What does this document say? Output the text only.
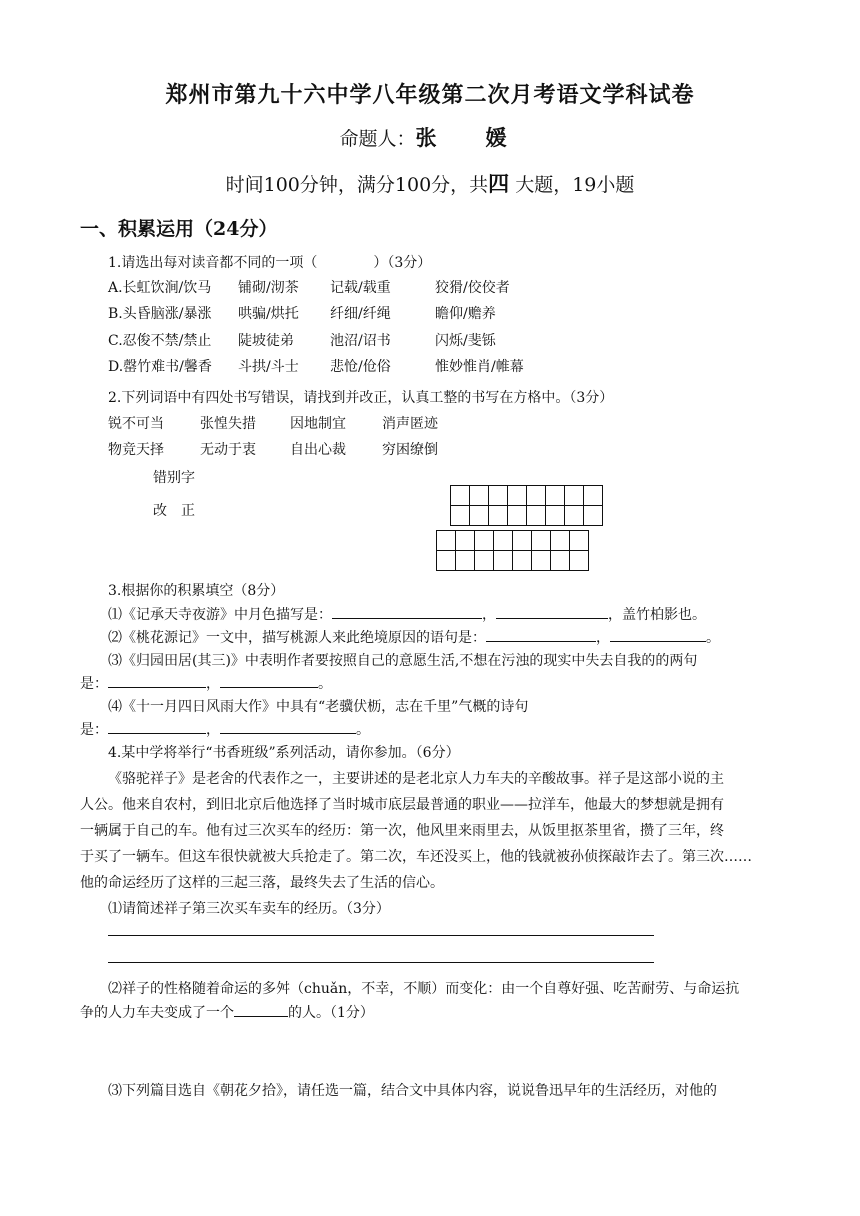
郑州市第九十六中学八年级第二次月考语文学科试卷
命题人：张　媛
时间100分钟，满分100分，共四 大题，19小题
一、积累运用（24分）
1.请选出每对读音都不同的一项（　　　　）（3分）
A.长虹饮涧/饮马 铺砌/沏茶 记载/载重	狡猾/佼佼者
B.头昏脑涨/暴涨 哄骗/烘托 纤细/纤绳	瞻仰/赡养
C.忍俊不禁/禁止 陡坡徒弟	池沼/诏书	闪烁/斐铄
D.罄竹难书/馨香 斗拱/斗士 悲怆/伧俗	惟妙惟肖/帷幕
2.下列词语中有四处书写错误，请找到并改正，认真工整的书写在方格中。（3分）
锐不可当	张惶失措 因地制宜	消声匿迹
物竞天择	无动于衷 自出心裁	穷困缭倒
错别字
改　正

3.根据你的积累填空（8分）
⑴《记承天寺夜游》中月色描写是：	，	，盖竹柏影也。
⑵《桃花源记》一文中，描写桃源人来此绝境原因的语句是：	，	。
⑶《归园田居(其三)》中表明作者要按照自己的意愿生活,不想在污浊的现实中失去自我的的两句
是：	，	。
⑷《十一月四日风雨大作》中具有“老骥伏枥，志在千里”气概的诗句
是：	，	。
4.某中学将举行“书香班级”系列活动，请你参加。（6分）
《骆驼祥子》是老舍的代表作之一，主要讲述的是老北京人力车夫的辛酸故事。祥子是这部小说的主
人公。他来自农村，到旧北京后他选择了当时城市底层最普通的职业——拉洋车，他最大的梦想就是拥有
一辆属于自己的车。他有过三次买车的经历：第一次，他风里来雨里去，从饭里抠茶里省，攒了三年，终
于买了一辆车。但这车很快就被大兵抢走了。第二次，车还没买上，他的钱就被孙侦探敲诈去了。第三次……
他的命运经历了这样的三起三落，最终失去了生活的信心。
⑴请简述祥子第三次买车卖车的经历。（3分）
⑵祥子的性格随着命运的多舛（chuǎn，不幸，不顺）而变化：由一个自尊好强、吃苦耐劳、与命运抗
争的人力车夫变成了一个	的人。（1分）
⑶下列篇目选自《朝花夕拾》，请任选一篇，结合文中具体内容，说说鲁迅早年的生活经历，对他的
